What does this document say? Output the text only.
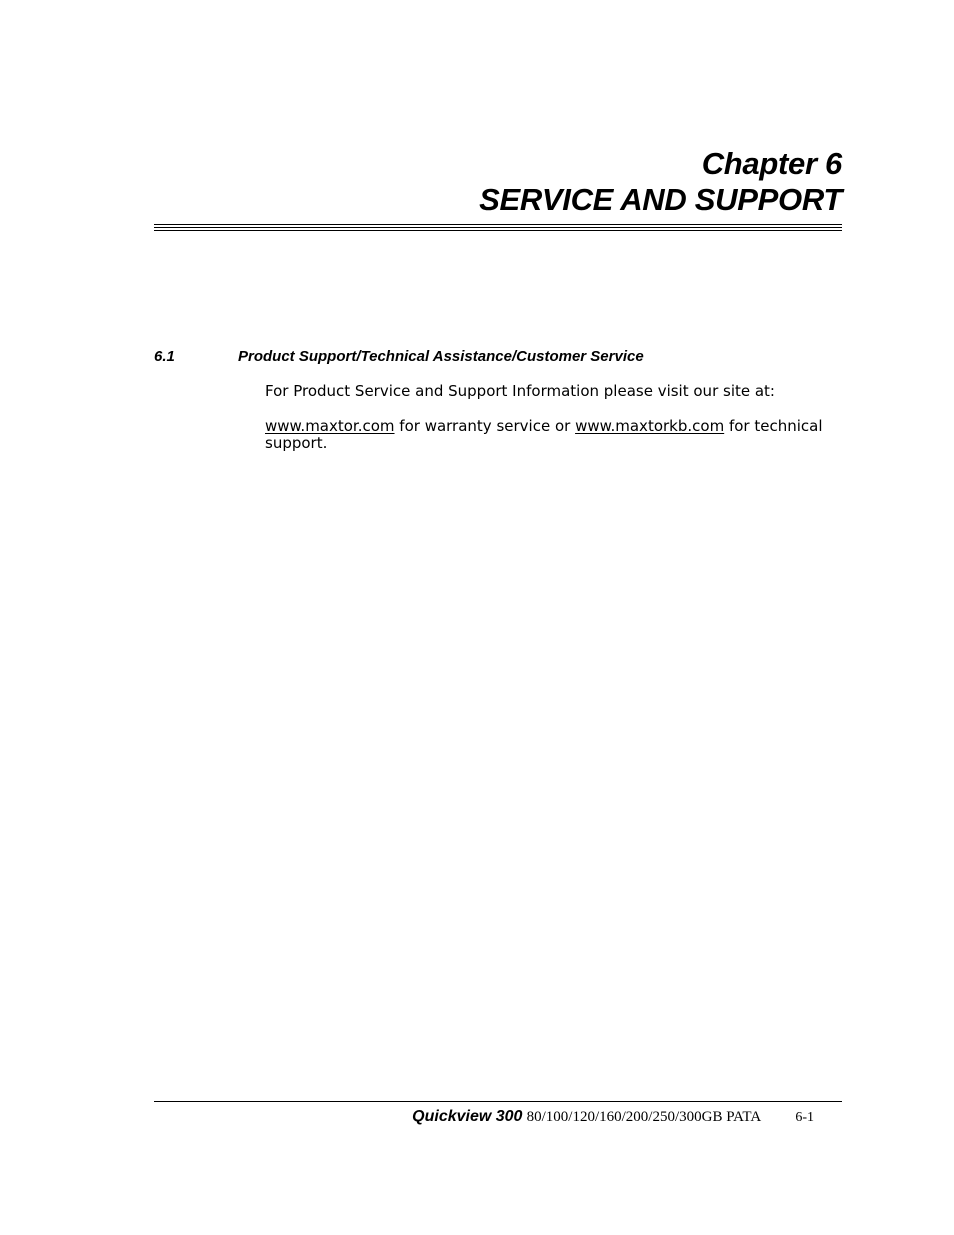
Chapter 6
SERVICE AND SUPPORT
6.1	Product Support/Technical Assistance/Customer Service
For Product Service and Support Information please visit our site at:
www.maxtor.com for warranty service or www.maxtorkb.com for technical support.
Quickview 300 80/100/120/160/200/250/300GB PATA 6-1
